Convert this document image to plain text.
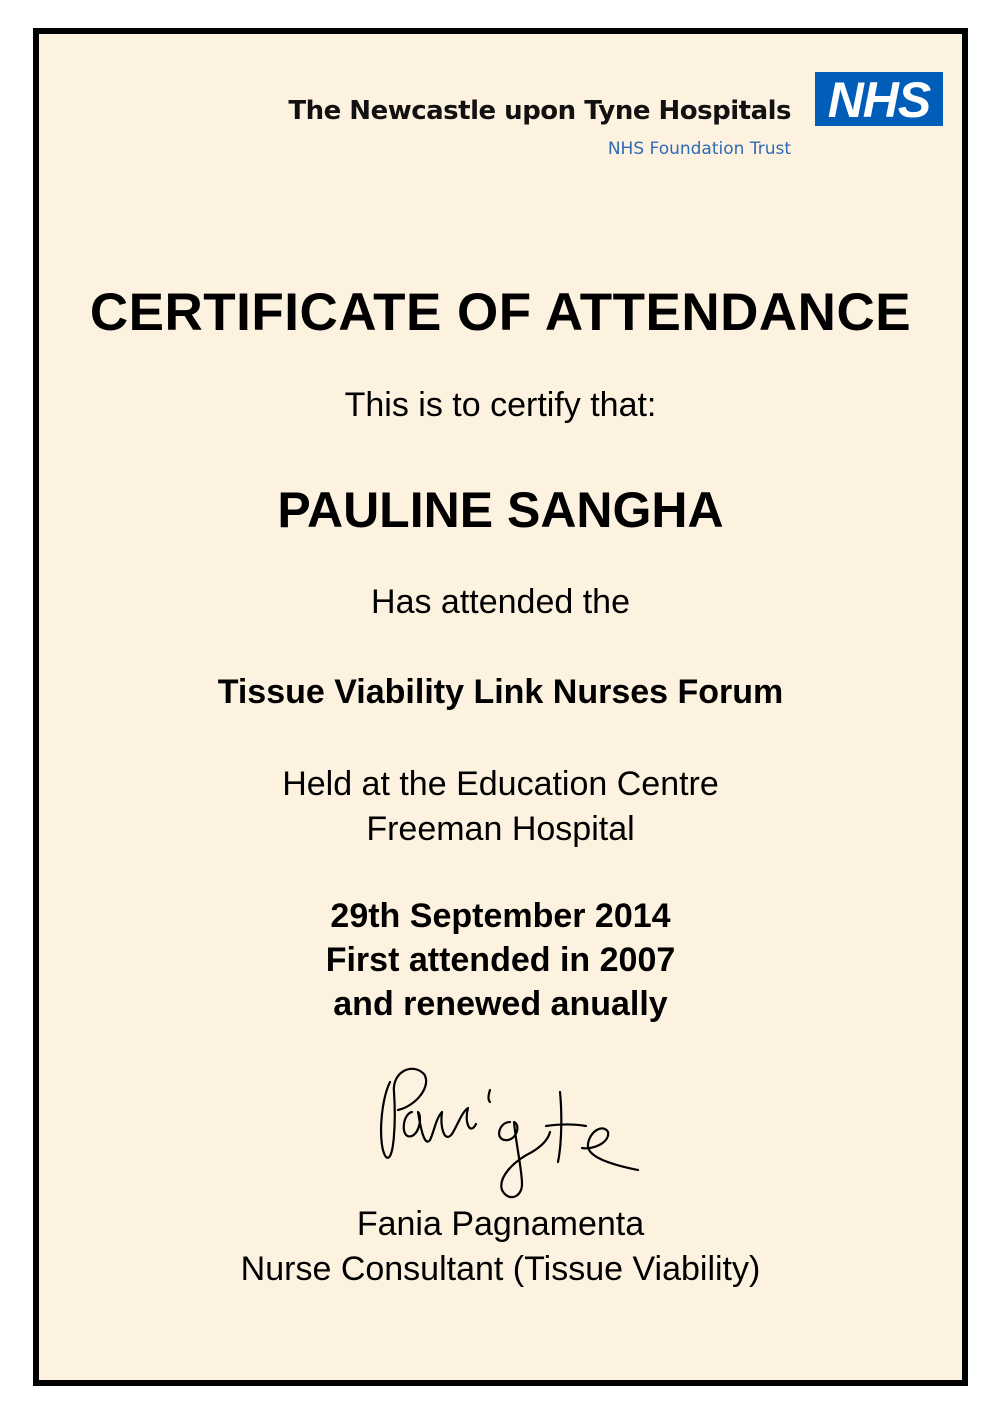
The Newcastle upon Tyne Hospitals
NHS Foundation Trust
NHS
CERTIFICATE OF ATTENDANCE
This is to certify that:
PAULINE SANGHA
Has attended the
Tissue Viability Link Nurses Forum
Held at the Education Centre
Freeman Hospital
29th September 2014
First attended in 2007
and renewed anually
Fania Pagnamenta
Nurse Consultant (Tissue Viability)
